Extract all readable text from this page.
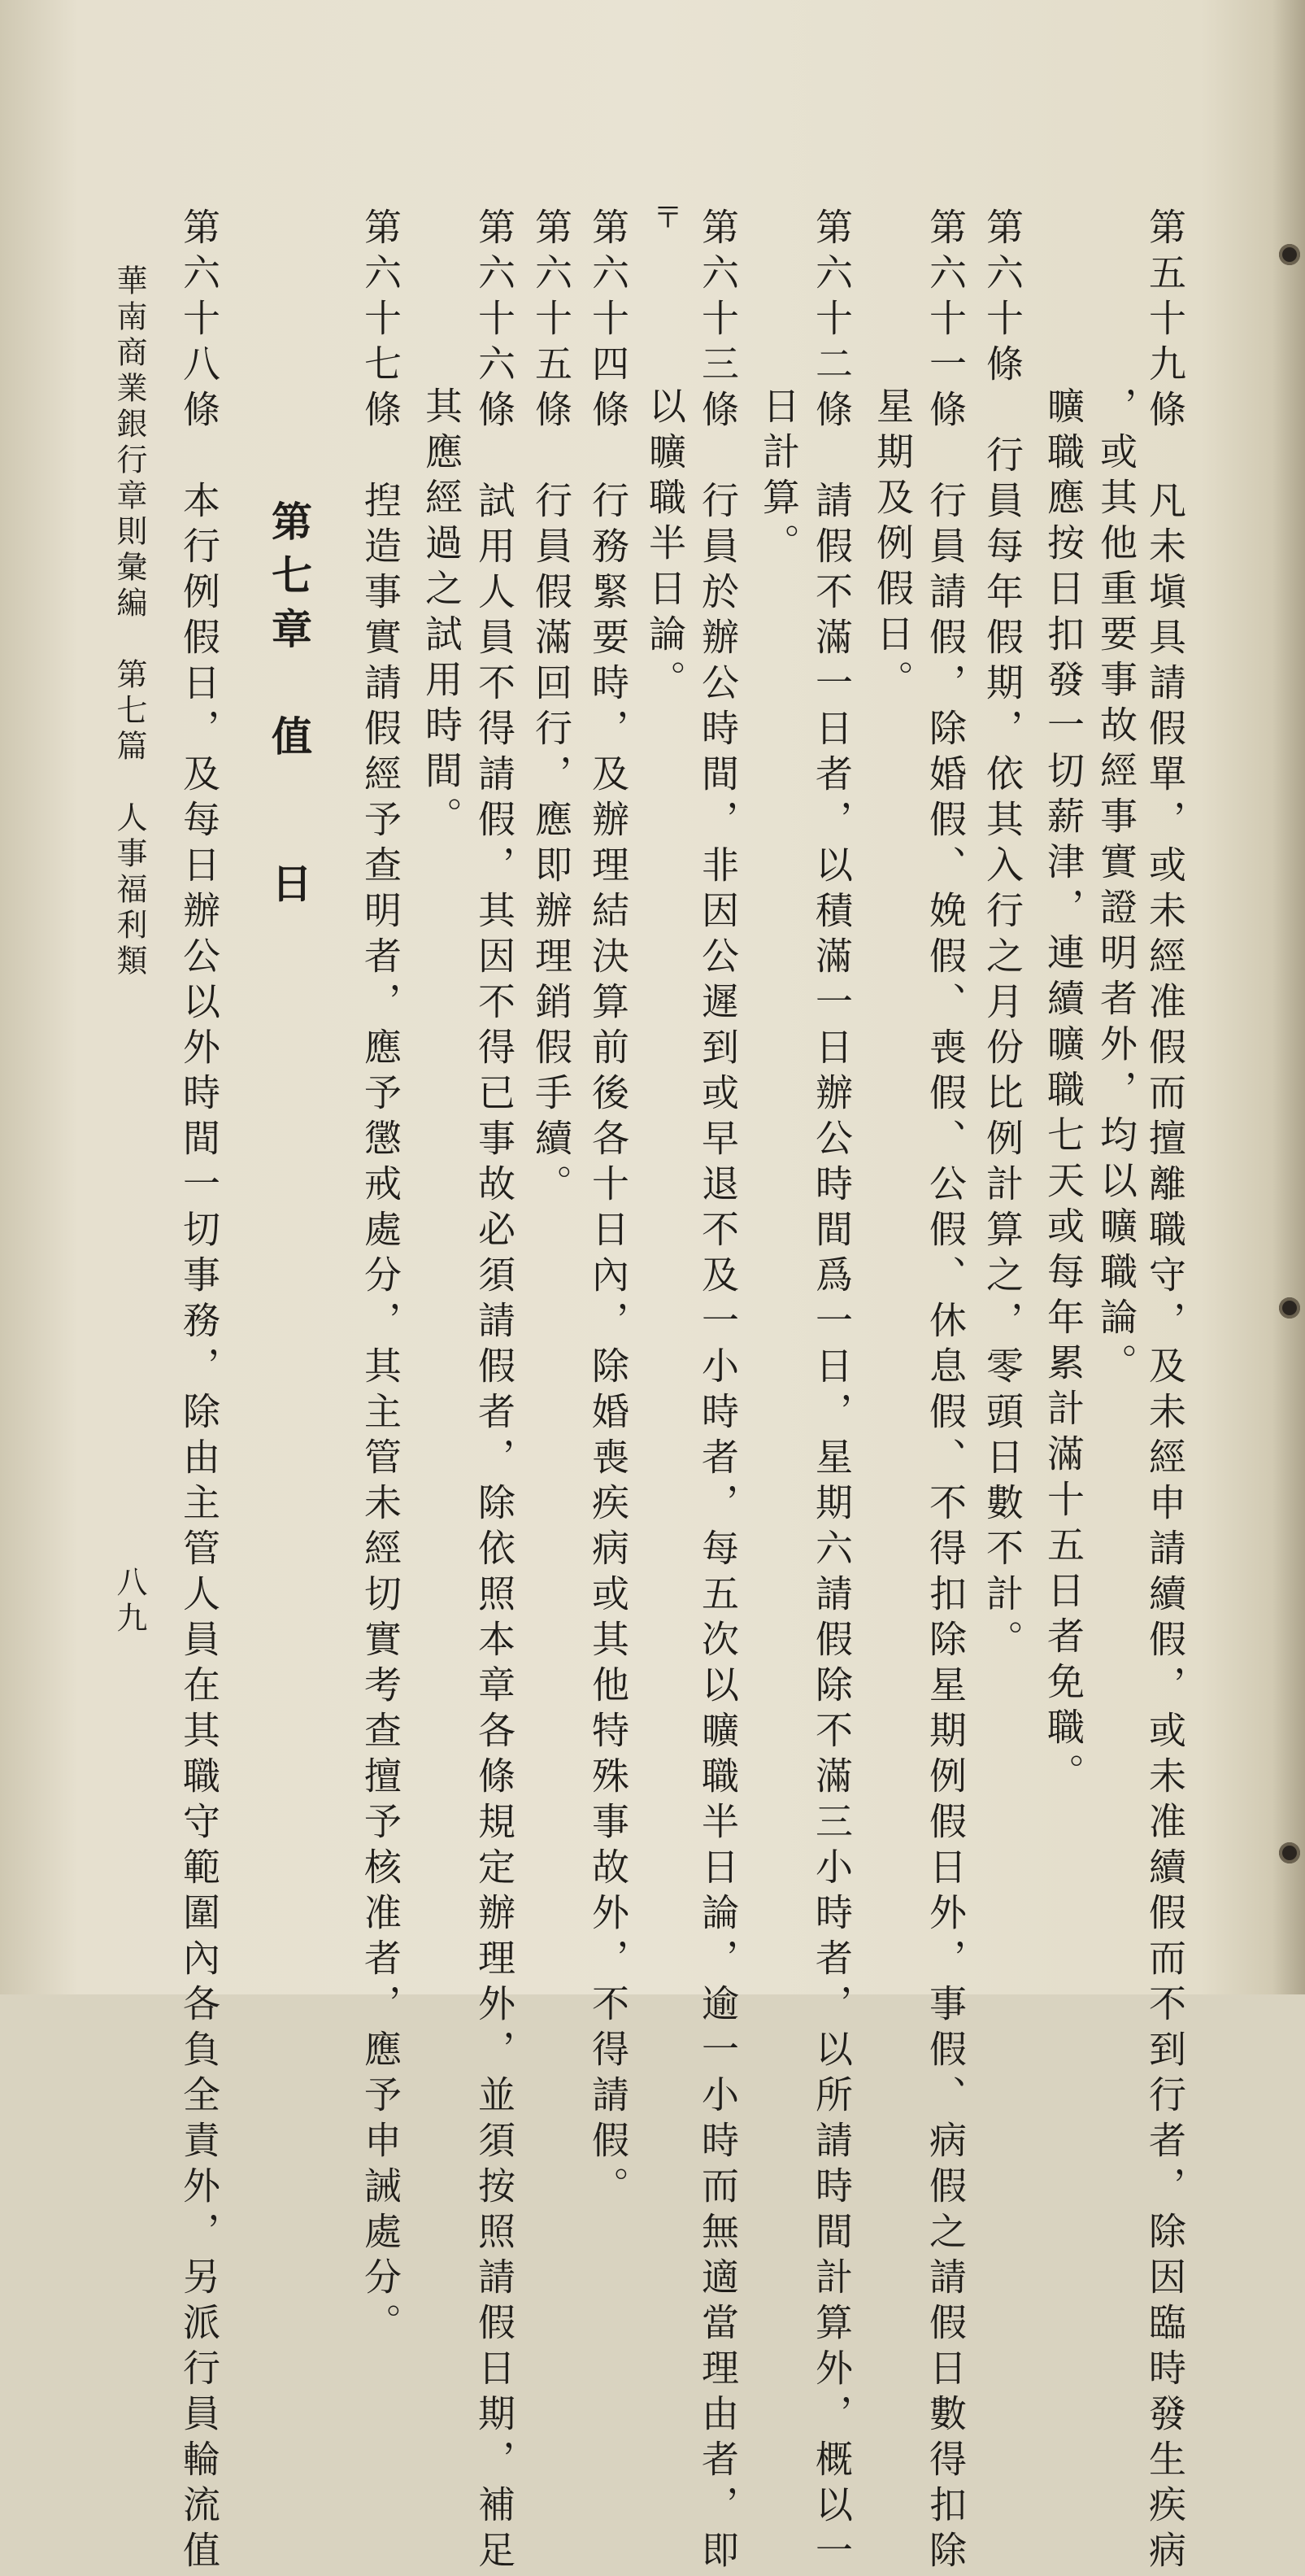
第五十九條　凡未塡具請假單，或未經准假而擅離職守，及未經申請續假，或未准續假而不到行者，除因臨時發生疾病
，或其他重要事故經事實證明者外，均以曠職論。
曠職應按日扣發一切薪津，連續曠職七天或每年累計滿十五日者免職。
第六十條　行員每年假期，依其入行之月份比例計算之，零頭日數不計。
第六十一條　行員請假，除婚假、娩假、喪假、公假、休息假、不得扣除星期例假日外，事假、病假之請假日數得扣除
星期及例假日。
第六十二條　請假不滿一日者，以積滿一日辦公時間爲一日，星期六請假除不滿三小時者，以所請時間計算外，概以一
日計算。
第六十三條　行員於辦公時間，非因公遲到或早退不及一小時者，每五次以曠職半日論，逾一小時而無適當理由者，即
〒
以曠職半日論。
第六十四條　行務緊要時，及辦理結決算前後各十日內，除婚喪疾病或其他特殊事故外，不得請假。
第六十五條　行員假滿回行，應即辦理銷假手續。
第六十六條　試用人員不得請假，其因不得已事故必須請假者，除依照本章各條規定辦理外，並須按照請假日期，補足
其應經過之試用時間。
第六十七條　揑造事實請假經予查明者，應予懲戒處分，其主管未經切實考查擅予核准者，應予申誡處分。
第七章　值
日
第六十八條　本行例假日，及每日辦公以外時間一切事務，除由主管人員在其職守範圍內各負全責外，另派行員輪流值
華南商業銀行章則彙編　第七篇　人事福利類
八九
